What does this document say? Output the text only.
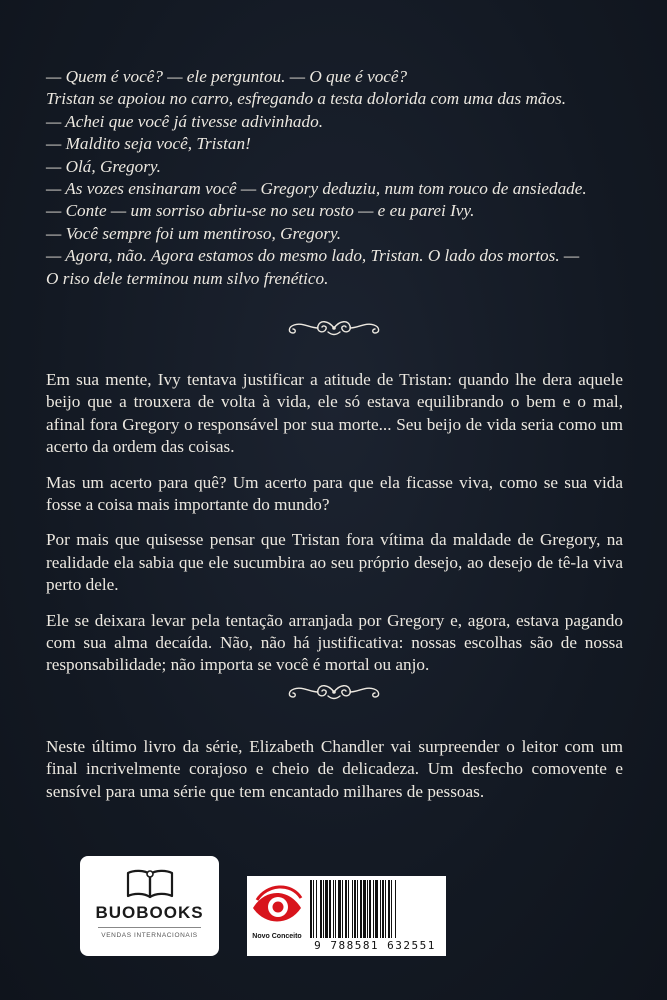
— Quem é você? — ele perguntou. — O que é você?
Tristan se apoiou no carro, esfregando a testa dolorida com uma das mãos.
— Achei que você já tivesse adivinhado.
— Maldito seja você, Tristan!
— Olá, Gregory.
— As vozes ensinaram você — Gregory deduziu, num tom rouco de ansiedade.
— Conte — um sorriso abriu-se no seu rosto — e eu parei Ivy.
— Você sempre foi um mentiroso, Gregory.
— Agora, não. Agora estamos do mesmo lado, Tristan. O lado dos mortos. —
O riso dele terminou num silvo frenético.

Em sua mente, Ivy tentava justificar a atitude de Tristan: quando lhe dera aquele beijo que a trouxera de volta à vida, ele só estava equilibrando o bem e o mal, afinal fora Gregory o responsável por sua morte... Seu beijo de vida seria como um acerto da ordem das coisas.

Mas um acerto para quê? Um acerto para que ela ficasse viva, como se sua vida fosse a coisa mais importante do mundo?

Por mais que quisesse pensar que Tristan fora vítima da maldade de Gregory, na realidade ela sabia que ele sucumbira ao seu próprio desejo, ao desejo de tê-la viva perto dele.

Ele se deixara levar pela tentação arranjada por Gregory e, agora, estava pagando com sua alma decaída. Não, não há justificativa: nossas escolhas são de nossa responsabilidade; não importa se você é mortal ou anjo.

Neste último livro da série, Elizabeth Chandler vai surpreender o leitor com um final incrivelmente corajoso e cheio de delicadeza. Um desfecho comovente e sensível para uma série que tem encantado milhares de pessoas.

BUOBOOKS
VENDAS INTERNACIONAIS	Novo Conceito
9 788581 632551
